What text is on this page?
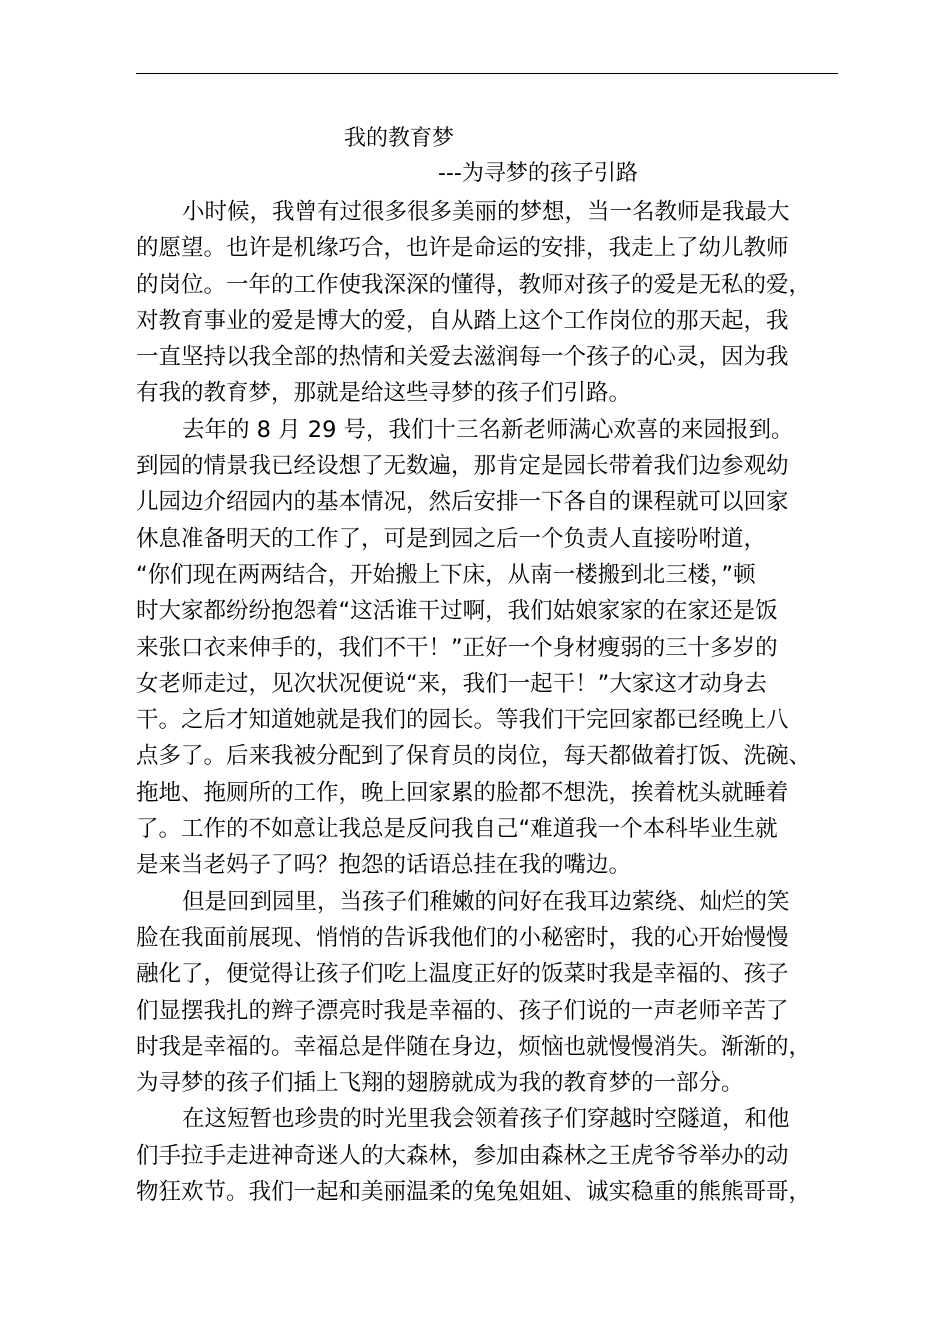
我的教育梦
---为寻梦的孩子引路
小时候，我曾有过很多很多美丽的梦想，当一名教师是我最大
的愿望。也许是机缘巧合，也许是命运的安排，我走上了幼儿教师
的岗位。一年的工作使我深深的懂得，教师对孩子的爱是无私的爱，
对教育事业的爱是博大的爱，自从踏上这个工作岗位的那天起，我
一直坚持以我全部的热情和关爱去滋润每一个孩子的心灵，因为我
有我的教育梦，那就是给这些寻梦的孩子们引路。
去年的 8 月 29 号，我们十三名新老师满心欢喜的来园报到。
到园的情景我已经设想了无数遍，那肯定是园长带着我们边参观幼
儿园边介绍园内的基本情况，然后安排一下各自的课程就可以回家
休息准备明天的工作了，可是到园之后一个负责人直接吩咐道，
“你们现在两两结合，开始搬上下床，从南一楼搬到北三楼，”顿
时大家都纷纷抱怨着“这活谁干过啊，我们姑娘家家的在家还是饭
来张口衣来伸手的，我们不干！”正好一个身材瘦弱的三十多岁的
女老师走过，见次状况便说“来，我们一起干！”大家这才动身去
干。之后才知道她就是我们的园长。等我们干完回家都已经晚上八
点多了。后来我被分配到了保育员的岗位，每天都做着打饭、洗碗、
拖地、拖厕所的工作，晚上回家累的脸都不想洗，挨着枕头就睡着
了。工作的不如意让我总是反问我自己“难道我一个本科毕业生就
是来当老妈子了吗？抱怨的话语总挂在我的嘴边。
但是回到园里，当孩子们稚嫩的问好在我耳边萦绕、灿烂的笑
脸在我面前展现、悄悄的告诉我他们的小秘密时，我的心开始慢慢
融化了，便觉得让孩子们吃上温度正好的饭菜时我是幸福的、孩子
们显摆我扎的辫子漂亮时我是幸福的、孩子们说的一声老师辛苦了
时我是幸福的。幸福总是伴随在身边，烦恼也就慢慢消失。渐渐的，
为寻梦的孩子们插上飞翔的翅膀就成为我的教育梦的一部分。
在这短暂也珍贵的时光里我会领着孩子们穿越时空隧道，和他
们手拉手走进神奇迷人的大森林，参加由森林之王虎爷爷举办的动
物狂欢节。我们一起和美丽温柔的兔兔姐姐、诚实稳重的熊熊哥哥，
